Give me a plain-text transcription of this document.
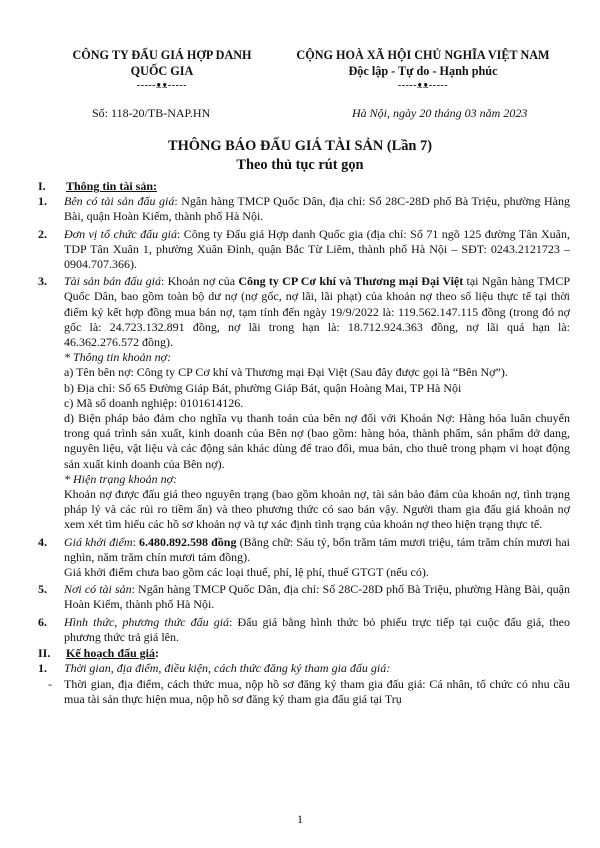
CÔNG TY ĐẤU GIÁ HỢP DANH
QUỐC GIA
-----ᴥᴥ-----
CỘNG HOÀ XÃ HỘI CHỦ NGHĨA VIỆT NAM
Độc lập - Tự do - Hạnh phúc
-----ᴥᴥ-----
Số: 118-20/TB-NAP.HN	Hà Nội, ngày 20 tháng 03 năm 2023
THÔNG BÁO ĐẤU GIÁ TÀI SẢN (Lần 7)
Theo thủ tục rút gọn
I.	Thông tin tài sản:
1.	Bên có tài sản đấu giá: Ngân hàng TMCP Quốc Dân, địa chỉ: Số 28C-28D phố Bà Triệu, phường Hàng Bài, quận Hoàn Kiếm, thành phố Hà Nội.

2.	Đơn vị tổ chức đấu giá: Công ty Đấu giá Hợp danh Quốc gia (địa chỉ: Số 71 ngõ 125 đường Tân Xuân, TDP Tân Xuân 1, phường Xuân Đỉnh, quận Bắc Từ Liêm, thành phố Hà Nội – SĐT: 0243.2121723 – 0904.707.366).

3.	Tài sản bán đấu giá: Khoản nợ của Công ty CP Cơ khí và Thương mại Đại Việt tại Ngân hàng TMCP Quốc Dân, bao gồm toàn bộ dư nợ (nợ gốc, nợ lãi, lãi phạt) của khoản nợ theo số liệu thực tế tại thời điểm ký kết hợp đồng mua bán nợ, tạm tính đến ngày 19/9/2022 là: 119.562.147.115 đồng (trong đó nợ gốc là: 24.723.132.891 đồng, nợ lãi trong hạn là: 18.712.924.363 đồng, nợ lãi quá hạn là: 46.362.276.572 đồng).

* Thông tin khoản nợ:

a) Tên bên nợ: Công ty CP Cơ khí và Thương mại Đại Việt (Sau đây được gọi là “Bên Nợ”).

b) Địa chỉ: Số 65 Đường Giáp Bát, phường Giáp Bát, quận Hoàng Mai, TP Hà Nội

c) Mã số doanh nghiệp: 0101614126.

d) Biện pháp bảo đảm cho nghĩa vụ thanh toán của bên nợ đối với Khoản Nợ: Hàng hóa luân chuyển trong quá trình sản xuất, kinh doanh của Bên nợ (bao gồm: hàng hóa, thành phẩm, sản phẩm dở dang, nguyên liệu, vật liệu và các động sản khác dùng để trao đổi, mua bán, cho thuê trong phạm vi hoạt động sản xuất kinh doanh của Bên nợ).

* Hiện trạng khoản nợ:

Khoản nợ được đấu giá theo nguyên trạng (bao gồm khoản nợ, tài sản bảo đảm của khoản nợ, tình trạng pháp lý và các rủi ro tiềm ẩn) và theo phương thức có sao bán vậy. Người tham gia đấu giá khoản nợ xem xét tìm hiểu các hồ sơ khoản nợ và tự xác định tình trạng của khoản nợ theo hiện trạng thực tế.

4.	Giá khởi điểm: 6.480.892.598 đồng (Bằng chữ: Sáu tỷ, bốn trăm tám mươi triệu, tám trăm chín mươi hai nghìn, năm trăm chín mươi tám đồng).

Giá khởi điểm chưa bao gồm các loại thuế, phí, lệ phí, thuế GTGT (nếu có).

5.	Nơi có tài sản: Ngân hàng TMCP Quốc Dân, địa chỉ: Số 28C-28D phố Bà Triệu, phường Hàng Bài, quận Hoàn Kiếm, thành phố Hà Nội.

6.	Hình thức, phương thức đấu giá: Đấu giá bằng hình thức bỏ phiếu trực tiếp tại cuộc đấu giá, theo phương thức trả giá lên.

II.	Kế hoạch đấu giá:
1.	Thời gian, địa điểm, điều kiện, cách thức đăng ký tham gia đấu giá:

-	Thời gian, địa điểm, cách thức mua, nộp hồ sơ đăng ký tham gia đấu giá: Cá nhân, tổ chức có nhu cầu mua tài sản thực hiện mua, nộp hồ sơ đăng ký tham gia đấu giá tại Trụ

1
